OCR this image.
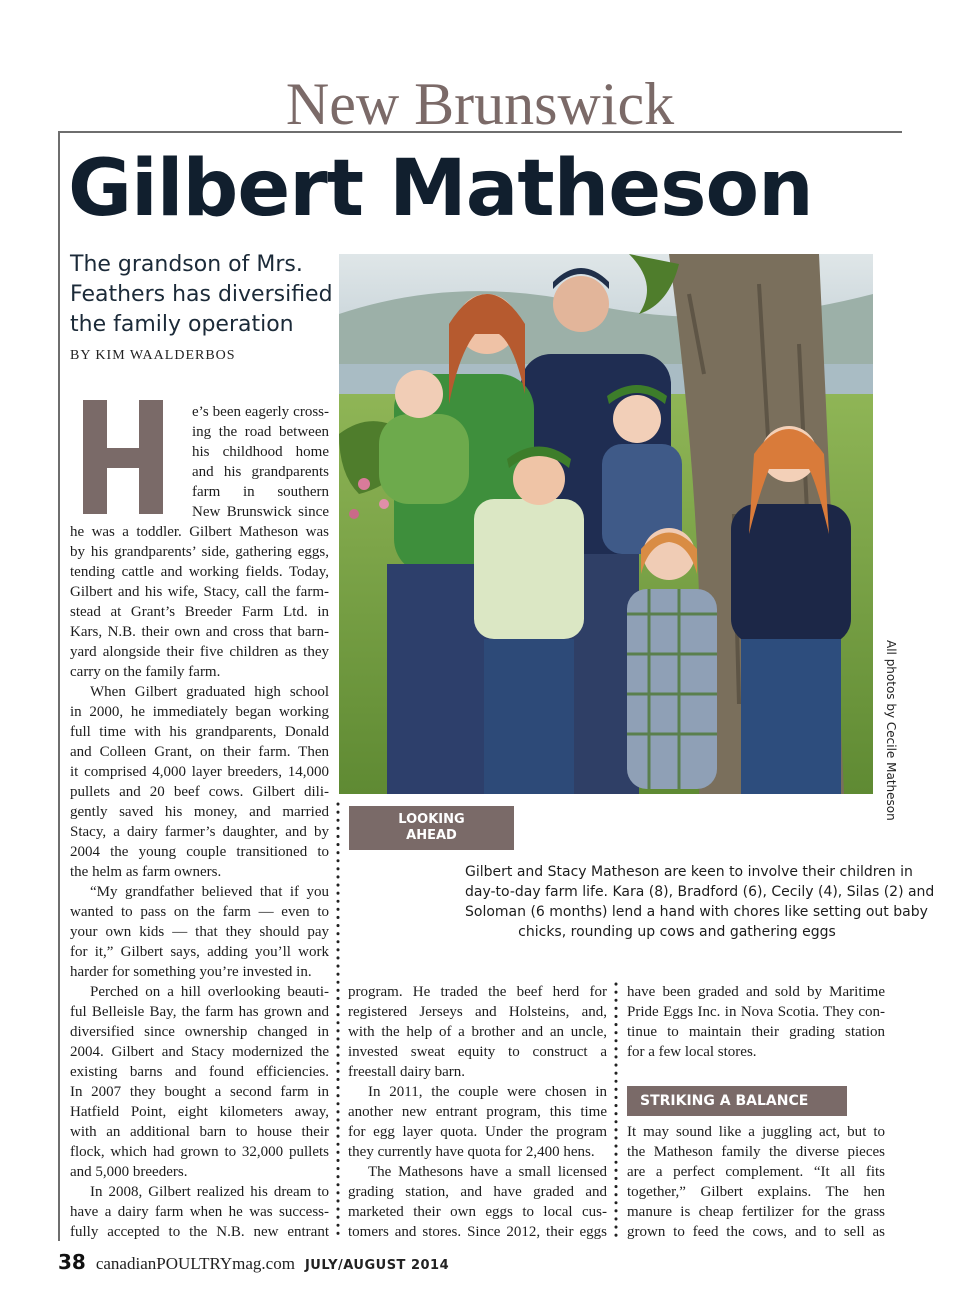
New Brunswick
Gilbert Matheson
The grandson of Mrs.
Feathers has diversified
the family operation
BY KIM WAALDERBOS
All photos by Cecile Matheson
e’s been eagerly cross-
ing the road between
his childhood home
and his grandparents
farm in southern
New Brunswick since
he was a toddler. Gilbert Matheson was
by his grandparents’ side, gathering eggs,
tending cattle and working fields. Today,
Gilbert and his wife, Stacy, call the farm-
stead at Grant’s Breeder Farm Ltd. in
Kars, N.B. their own and cross that barn-
yard alongside their five children as they
carry on the family farm.
When Gilbert graduated high school
in 2000, he immediately began working
full time with his grandparents, Donald
and Colleen Grant, on their farm. Then
it comprised 4,000 layer breeders, 14,000
pullets and 20 beef cows. Gilbert dili-
gently saved his money, and married
Stacy, a dairy farmer’s daughter, and by
2004 the young couple transitioned to
the helm as farm owners.
“My grandfather believed that if you
wanted to pass on the farm — even to
your own kids — that they should pay
for it,” Gilbert says, adding you’ll work
harder for something you’re invested in.
Perched on a hill overlooking beauti-
ful Belleisle Bay, the farm has grown and
diversified since ownership changed in
2004. Gilbert and Stacy modernized the
existing barns and found efficiencies.
In 2007 they bought a second farm in
Hatfield Point, eight kilometers away,
with an additional barn to house their
flock, which had grown to 32,000 pullets
and 5,000 breeders.
In 2008, Gilbert realized his dream to
have a dairy farm when he was success-
fully accepted to the N.B. new entrant
LOOKING
AHEAD
Gilbert and Stacy Matheson are keen to involve their children in
day-to-day farm life. Kara (8), Bradford (6), Cecily (4), Silas (2) and
Soloman (6 months) lend a hand with chores like setting out baby
chicks, rounding up cows and gathering eggs
program. He traded the beef herd for
registered Jerseys and Holsteins, and,
with the help of a brother and an uncle,
invested sweat equity to construct a
freestall dairy barn.
In 2011, the couple were chosen in
another new entrant program, this time
for egg layer quota. Under the program
they currently have quota for 2,400 hens.
The Mathesons have a small licensed
grading station, and have graded and
marketed their own eggs to local cus-
tomers and stores. Since 2012, their eggs
have been graded and sold by Maritime
Pride Eggs Inc. in Nova Scotia. They con-
tinue to maintain their grading station
for a few local stores.
STRIKING A BALANCE
It may sound like a juggling act, but to
the Matheson family the diverse pieces
are a perfect complement. “It all fits
together,” Gilbert explains. The hen
manure is cheap fertilizer for the grass
grown to feed the cows, and to sell as
38 canadianPOULTRYmag.com JULY/AUGUST 2014
